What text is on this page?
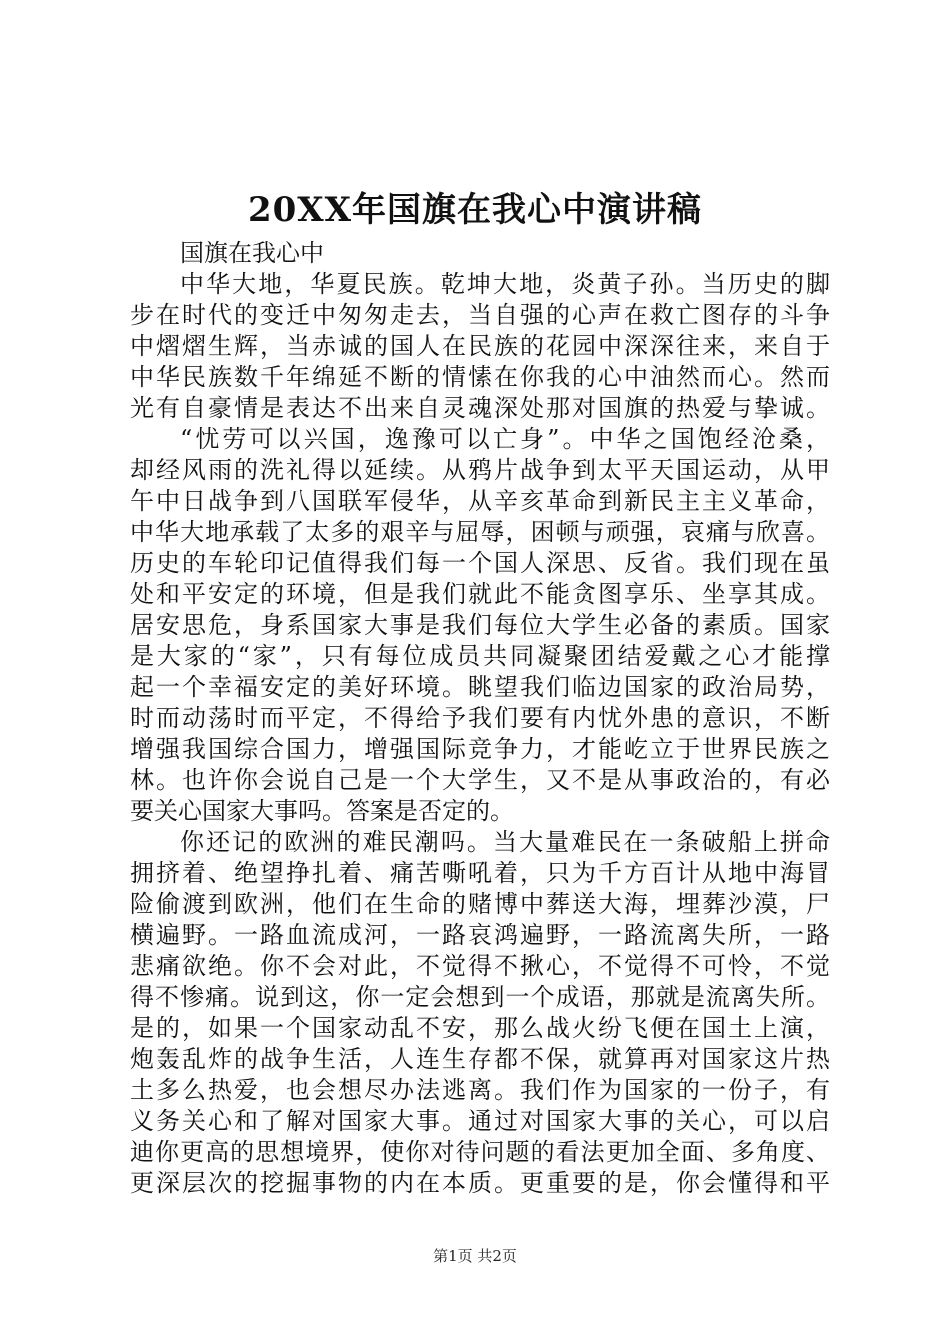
20XX年国旗在我心中演讲稿
国旗在我心中
中华大地，华夏民族。乾坤大地，炎黄子孙。当历史的脚
步在时代的变迁中匆匆走去，当自强的心声在救亡图存的斗争
中熠熠生辉，当赤诚的国人在民族的花园中深深往来，来自于
中华民族数千年绵延不断的情愫在你我的心中油然而心。然而
光有自豪情是表达不出来自灵魂深处那对国旗的热爱与挚诚。
“忧劳可以兴国，逸豫可以亡身”。中华之国饱经沧桑，
却经风雨的洗礼得以延续。从鸦片战争到太平天国运动，从甲
午中日战争到八国联军侵华，从辛亥革命到新民主主义革命，
中华大地承载了太多的艰辛与屈辱，困顿与顽强，哀痛与欣喜。
历史的车轮印记值得我们每一个国人深思、反省。我们现在虽
处和平安定的环境，但是我们就此不能贪图享乐、坐享其成。
居安思危，身系国家大事是我们每位大学生必备的素质。国家
是大家的“家”，只有每位成员共同凝聚团结爱戴之心才能撑
起一个幸福安定的美好环境。眺望我们临边国家的政治局势，
时而动荡时而平定，不得给予我们要有内忧外患的意识，不断
增强我国综合国力，增强国际竞争力，才能屹立于世界民族之
林。也许你会说自己是一个大学生，又不是从事政治的，有必
要关心国家大事吗。答案是否定的。
你还记的欧洲的难民潮吗。当大量难民在一条破船上拼命
拥挤着、绝望挣扎着、痛苦嘶吼着，只为千方百计从地中海冒
险偷渡到欧洲，他们在生命的赌博中葬送大海，埋葬沙漠，尸
横遍野。一路血流成河，一路哀鸿遍野，一路流离失所，一路
悲痛欲绝。你不会对此，不觉得不揪心，不觉得不可怜，不觉
得不惨痛。说到这，你一定会想到一个成语，那就是流离失所。
是的，如果一个国家动乱不安，那么战火纷飞便在国土上演，
炮轰乱炸的战争生活，人连生存都不保，就算再对国家这片热
土多么热爱，也会想尽办法逃离。我们作为国家的一份子，有
义务关心和了解对国家大事。通过对国家大事的关心，可以启
迪你更高的思想境界，使你对待问题的看法更加全面、多角度、
更深层次的挖掘事物的内在本质。更重要的是，你会懂得和平
第1页 共2页
